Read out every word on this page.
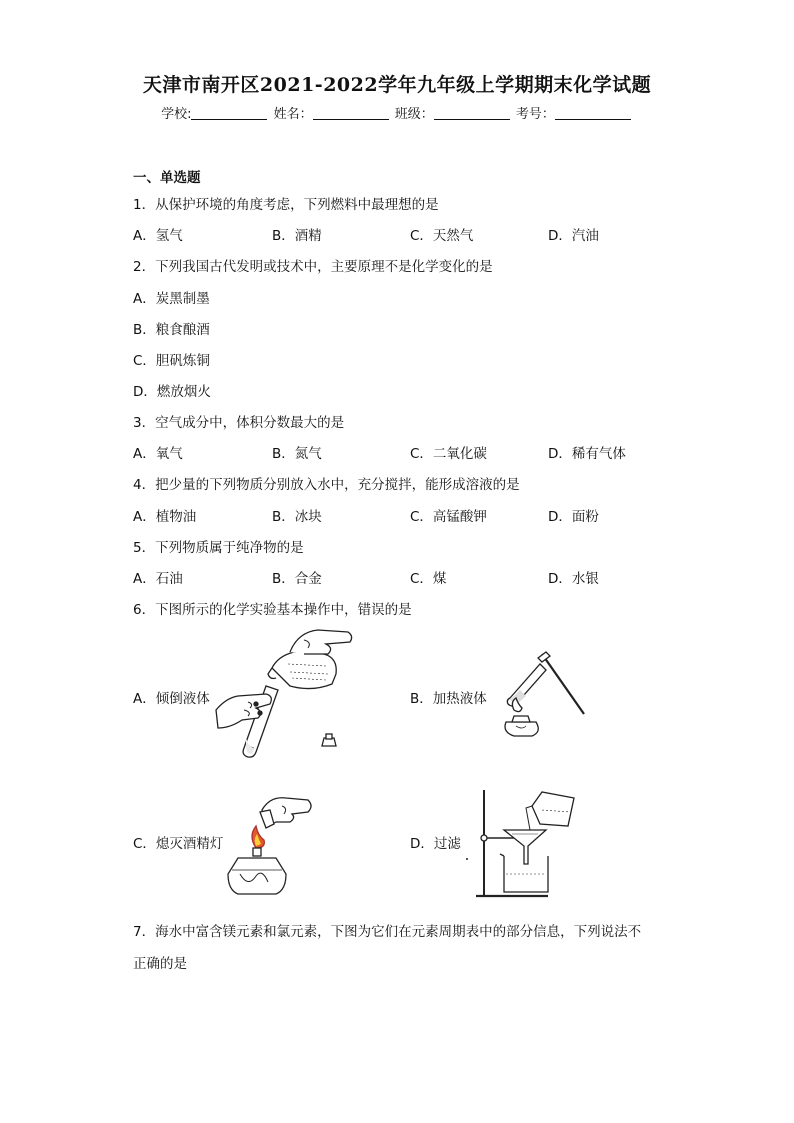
天津市南开区2021-2022学年九年级上学期期末化学试题
学校:	姓名：	班级：	考号：
一、单选题
1．从保护环境的角度考虑，下列燃料中最理想的是
A．氢气	B．酒精	C．天然气	D．汽油
2．下列我国古代发明或技术中，主要原理不是化学变化的是
A．炭黑制墨
B．粮食酿酒
C．胆矾炼铜
D．燃放烟火
3．空气成分中，体积分数最大的是
A．氧气	B．氮气	C．二氧化碳	D．稀有气体
4．把少量的下列物质分别放入水中，充分搅拌，能形成溶液的是
A．植物油	B．冰块	C．高锰酸钾	D．面粉
5．下列物质属于纯净物的是
A．石油	B．合金	C．煤	D．水银
6．下图所示的化学实验基本操作中，错误的是
A．倾倒液体	B．加热液体
C．熄灭酒精灯	D．过滤
7．海水中富含镁元素和氯元素，下图为它们在元素周期表中的部分信息，下列说法不
正确的是
